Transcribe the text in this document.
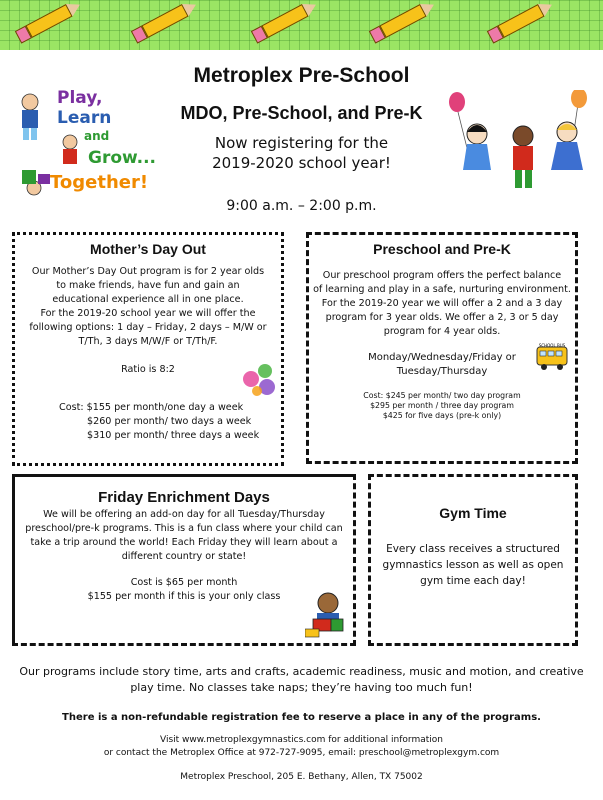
Play,
Learn
and
Grow...
Together!
Metroplex Pre-School
MDO, Pre-School, and Pre-K
Now registering for the
2019-2020 school year!
9:00 a.m. – 2:00 p.m.
Mother’s Day Out

Our Mother’s Day Out program is for 2 year olds
to make friends, have fun and gain an
educational experience all in one place.
For the 2019-20 school year we will offer the
following options: 1 day – Friday, 2 days – M/W or
T/Th, 3 days M/W/F or T/Th/F.

Ratio is 8:2

Cost: $155 per month/one day a week
$260 per month/ two days a week
$310 per month/ three days a week

Preschool and Pre-K

Our preschool program offers the perfect balance
of learning and play in a safe, nurturing environment.
For the 2019-20 year we will offer a 2 and a 3 day
program for 3 year olds. We offer a 2, 3 or 5 day
program for 4 year olds.

Monday/Wednesday/Friday or
Tuesday/Thursday

SCHOOL BUS

Cost: $245 per month/ two day program
$295 per month / three day program
$425 for five days (pre-k only)

Friday Enrichment Days

We will be offering an add-on day for all Tuesday/Thursday
preschool/pre-k programs. This is a fun class where your child can
take a trip around the world! Each Friday they will learn about a
different country or state!

Cost is $65 per month
$155 per month if this is your only class

Gym Time

Every class receives a structured
gymnastics lesson as well as open
gym time each day!

Our programs include story time, arts and crafts, academic readiness, music and motion, and creative
play time. No classes take naps; they’re having too much fun!
There is a non-refundable registration fee to reserve a place in any of the programs.
Visit www.metroplexgymnastics.com for additional information
or contact the Metroplex Office at 972-727-9095, email: preschool@metroplexgym.com
Metroplex Preschool, 205 E. Bethany, Allen, TX 75002
